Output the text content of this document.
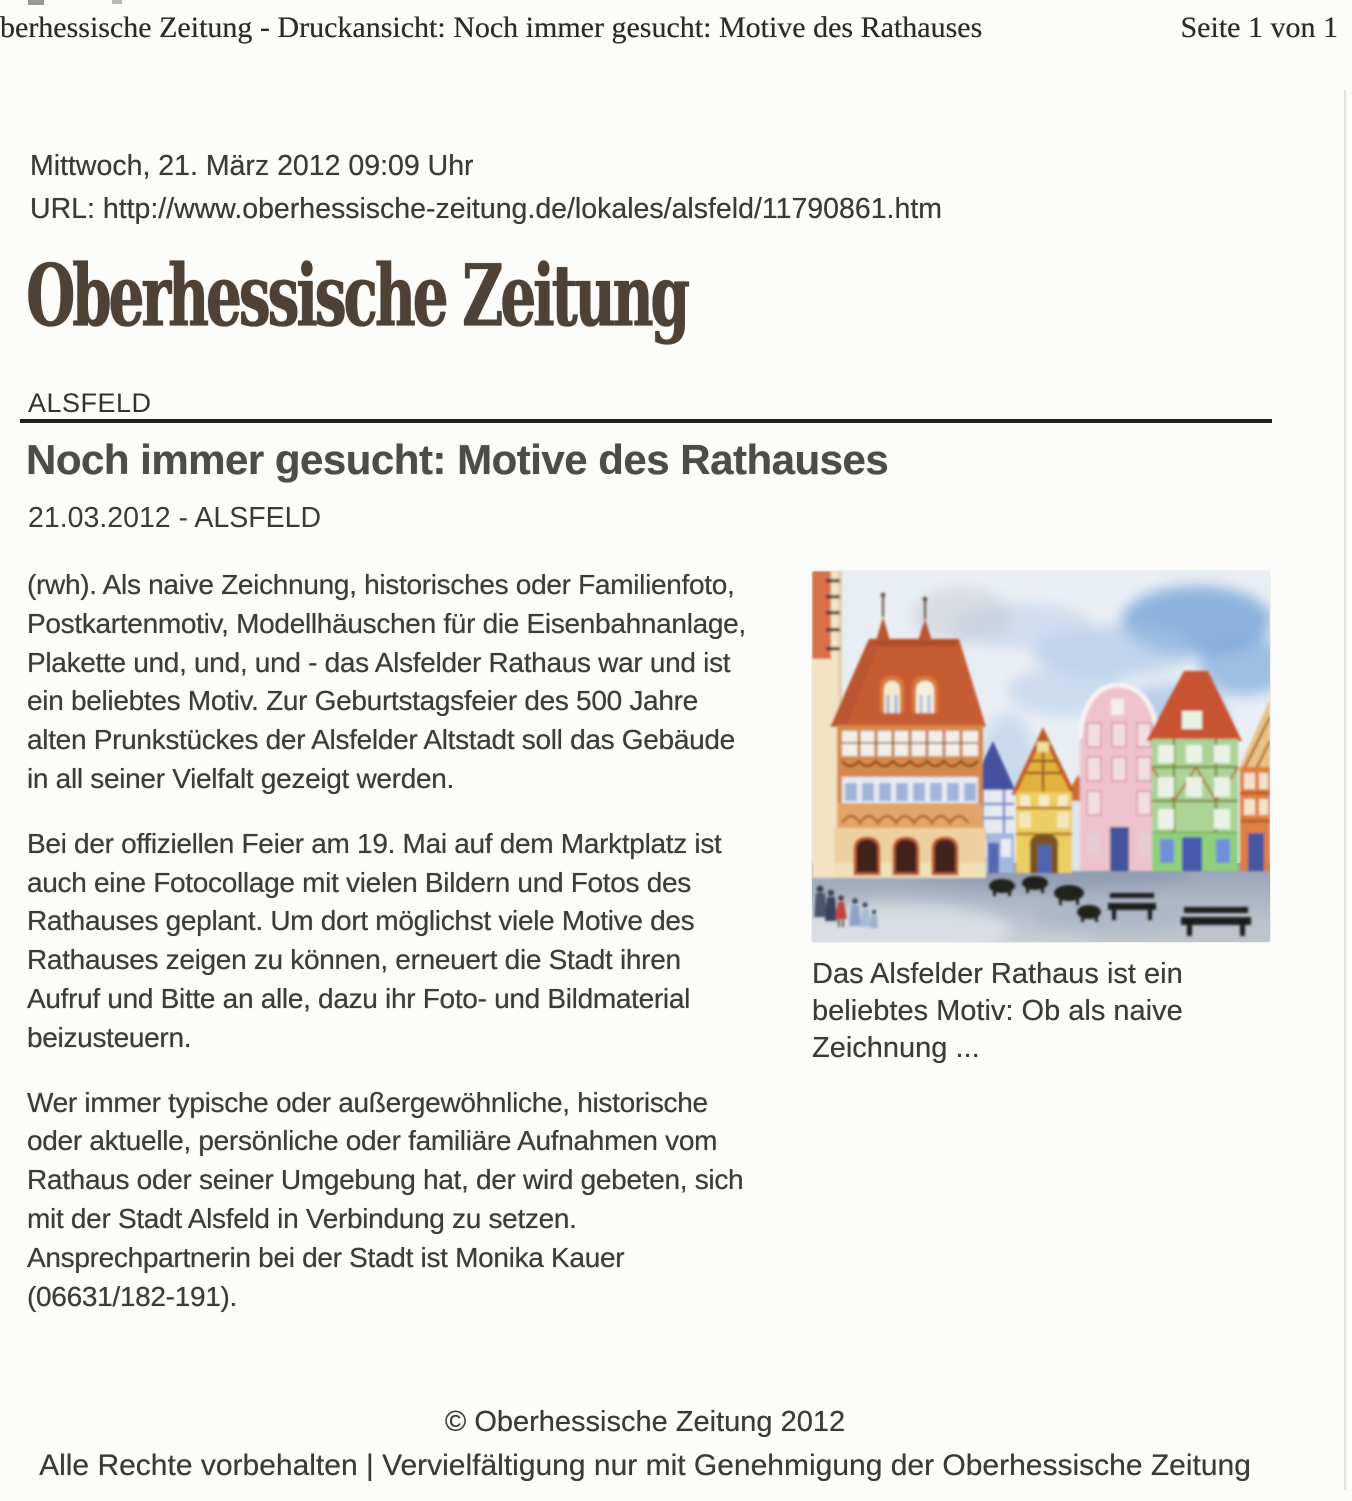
berhessische Zeitung - Druckansicht: Noch immer gesucht: Motive des Rathauses	Seite 1 von 1
Mittwoch, 21. März 2012 09:09 Uhr
URL: http://www.oberhessische-zeitung.de/lokales/alsfeld/11790861.htm
Oberhessische Zeitung
ALSFELD
Noch immer gesucht: Motive des Rathauses
21.03.2012 - ALSFELD

(rwh). Als naive Zeichnung, historisches oder Familienfoto,
Postkartenmotiv, Modellhäuschen für die Eisenbahnanlage,
Plakette und, und, und - das Alsfelder Rathaus war und ist
ein beliebtes Motiv. Zur Geburtstagsfeier des 500 Jahre
alten Prunkstückes der Alsfelder Altstadt soll das Gebäude
in all seiner Vielfalt gezeigt werden.

Bei der offiziellen Feier am 19. Mai auf dem Marktplatz ist
auch eine Fotocollage mit vielen Bildern und Fotos des
Rathauses geplant. Um dort möglichst viele Motive des
Rathauses zeigen zu können, erneuert die Stadt ihren
Aufruf und Bitte an alle, dazu ihr Foto- und Bildmaterial
beizusteuern.

Wer immer typische oder außergewöhnliche, historische
oder aktuelle, persönliche oder familiäre Aufnahmen vom
Rathaus oder seiner Umgebung hat, der wird gebeten, sich
mit der Stadt Alsfeld in Verbindung zu setzen.
Ansprechpartnerin bei der Stadt ist Monika Kauer
(06631/182-191).

Das Alsfelder Rathaus ist ein
beliebtes Motiv: Ob als naive
Zeichnung ...
© Oberhessische Zeitung 2012
Alle Rechte vorbehalten | Vervielfältigung nur mit Genehmigung der Oberhessische Zeitung
